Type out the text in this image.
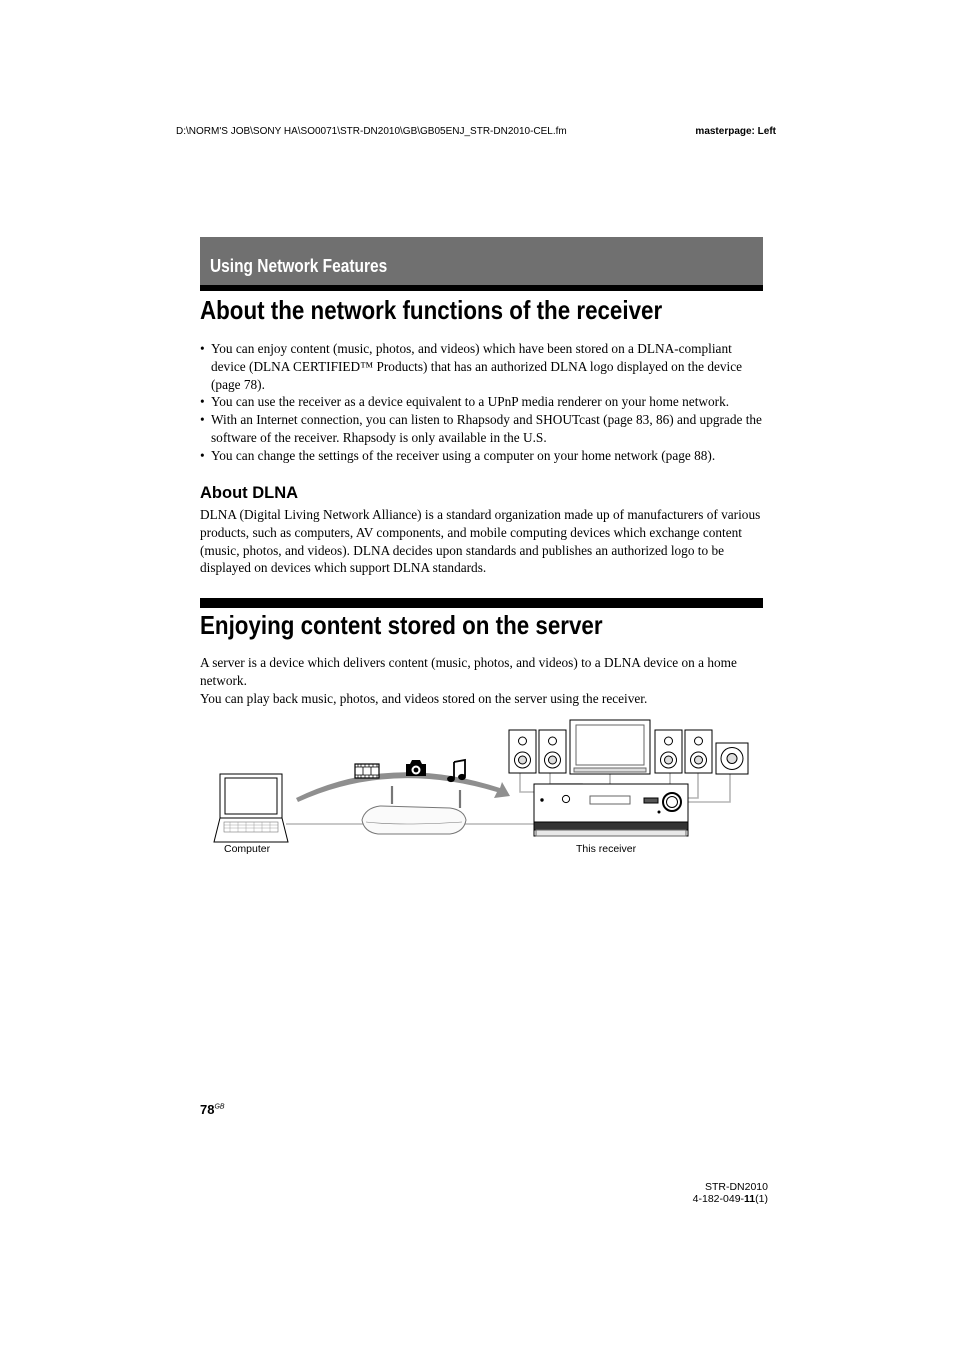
D:\NORM'S JOB\SONY HA\SO0071\STR-DN2010\GB\GB05ENJ_STR-DN2010-CEL.fm	masterpage: Left
Using Network Features
About the network functions of the receiver
• You can enjoy content (music, photos, and videos) which have been stored on a DLNA-compliant device (DLNA CERTIFIED™ Products) that has an authorized DLNA logo displayed on the device (page 78).
• You can use the receiver as a device equivalent to a UPnP media renderer on your home network.
• With an Internet connection, you can listen to Rhapsody and SHOUTcast (page 83, 86) and upgrade the software of the receiver. Rhapsody is only available in the U.S.
• You can change the settings of the receiver using a computer on your home network (page 88).
About DLNA

DLNA (Digital Living Network Alliance) is a standard organization made up of manufacturers of various products, such as computers, AV components, and mobile computing devices which exchange content (music, photos, and videos). DLNA decides upon standards and publishes an authorized logo to be displayed on devices which support DLNA standards.

Enjoying content stored on the server

A server is a device which delivers content (music, photos, and videos) to a DLNA device on a home network.

You can play back music, photos, and videos stored on the server using the receiver.

Computer	This receiver
$78^{GB}$
STR-DN2010
4-182-049-11(1)
